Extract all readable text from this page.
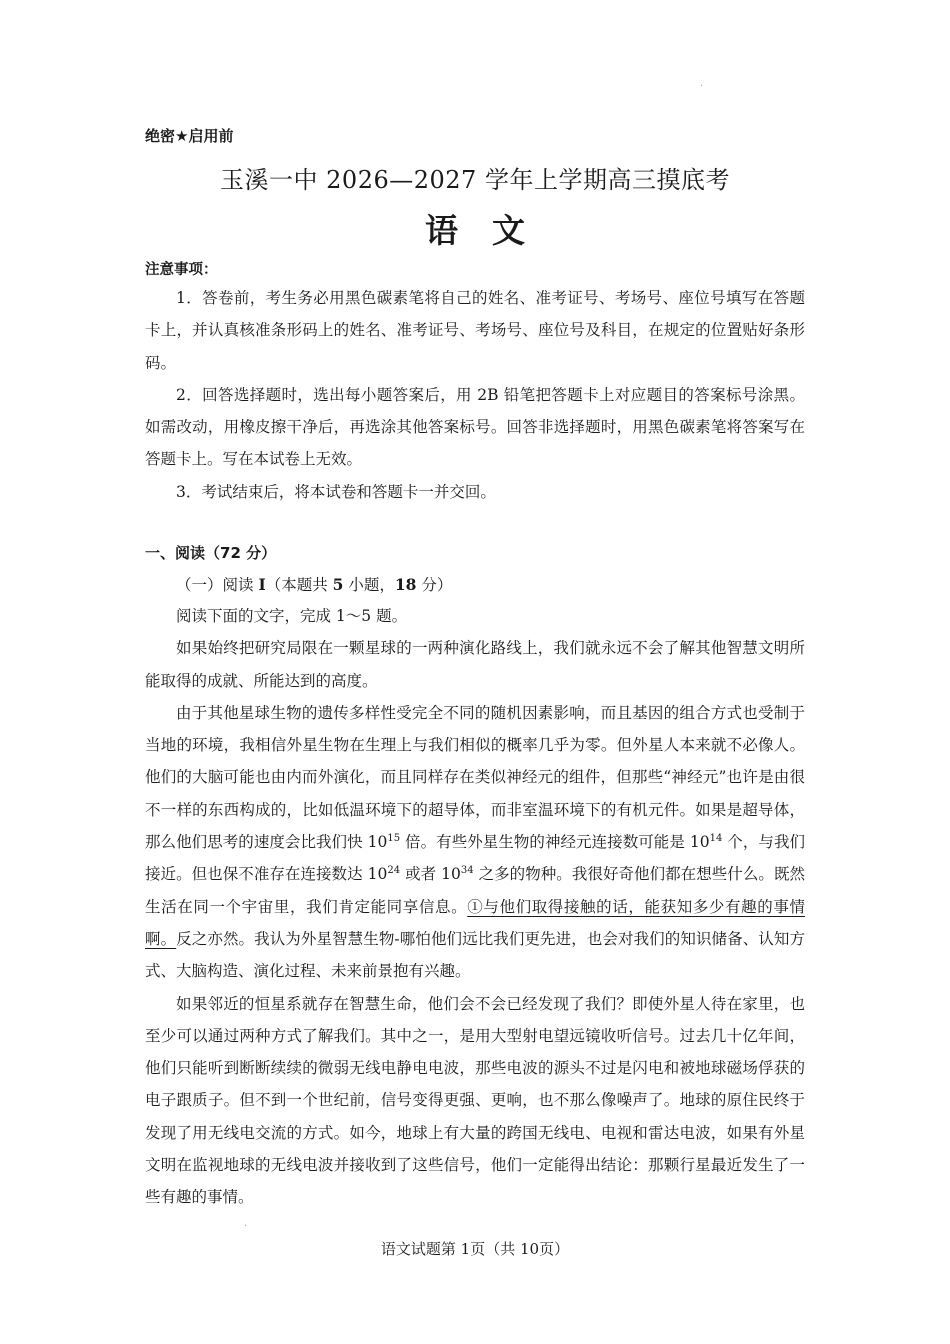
.
.
绝密★启用前
玉溪一中 2026—2027 学年上学期高三摸底考
语文
注意事项：

1．答卷前，考生务必用黑色碳素笔将自己的姓名、准考证号、考场号、座位号填写在答题卡上，并认真核准条形码上的姓名、准考证号、考场号、座位号及科目，在规定的位置贴好条形码。

2．回答选择题时，选出每小题答案后，用 2B 铅笔把答题卡上对应题目的答案标号涂黑。如需改动，用橡皮擦干净后，再选涂其他答案标号。回答非选择题时，用黑色碳素笔将答案写在答题卡上。写在本试卷上无效。

3．考试结束后，将本试卷和答题卡一并交回。

一、阅读（72 分）
（一）阅读 I（本题共 5 小题，18 分）

阅读下面的文字，完成 1～5 题。

如果始终把研究局限在一颗星球的一两种演化路线上，我们就永远不会了解其他智慧文明所能取得的成就、所能达到的高度。

由于其他星球生物的遗传多样性受完全不同的随机因素影响，而且基因的组合方式也受制于当地的环境，我相信外星生物在生理上与我们相似的概率几乎为零。但外星人本来就不必像人。他们的大脑可能也由内而外演化，而且同样存在类似神经元的组件，但那些“神经元”也许是由很不一样的东西构成的，比如低温环境下的超导体，而非室温环境下的有机元件。如果是超导体，那么他们思考的速度会比我们快 $10^{15}$ 倍。有些外星生物的神经元连接数可能是 $10^{14}$ 个，与我们接近。但也保不准存在连接数达 $10^{24}$ 或者 $10^{34}$ 之多的物种。我很好奇他们都在想些什么。既然生活在同一个宇宙里，我们肯定能同享信息。①与他们取得接触的话，能获知多少有趣的事情啊。反之亦然。我认为外星智慧生物-哪怕他们远比我们更先进，也会对我们的知识储备、认知方式、大脑构造、演化过程、未来前景抱有兴趣。

如果邻近的恒星系就存在智慧生命，他们会不会已经发现了我们？即使外星人待在家里，也至少可以通过两种方式了解我们。其中之一，是用大型射电望远镜收听信号。过去几十亿年间，他们只能听到断断续续的微弱无线电静电电波，那些电波的源头不过是闪电和被地球磁场俘获的电子跟质子。但不到一个世纪前，信号变得更强、更响，也不那么像噪声了。地球的原住民终于发现了用无线电交流的方式。如今，地球上有大量的跨国无线电、电视和雷达电波，如果有外星文明在监视地球的无线电波并接收到了这些信号，他们一定能得出结论：那颗行星最近发生了一些有趣的事情。

语文试题第 1页（共 10页）
